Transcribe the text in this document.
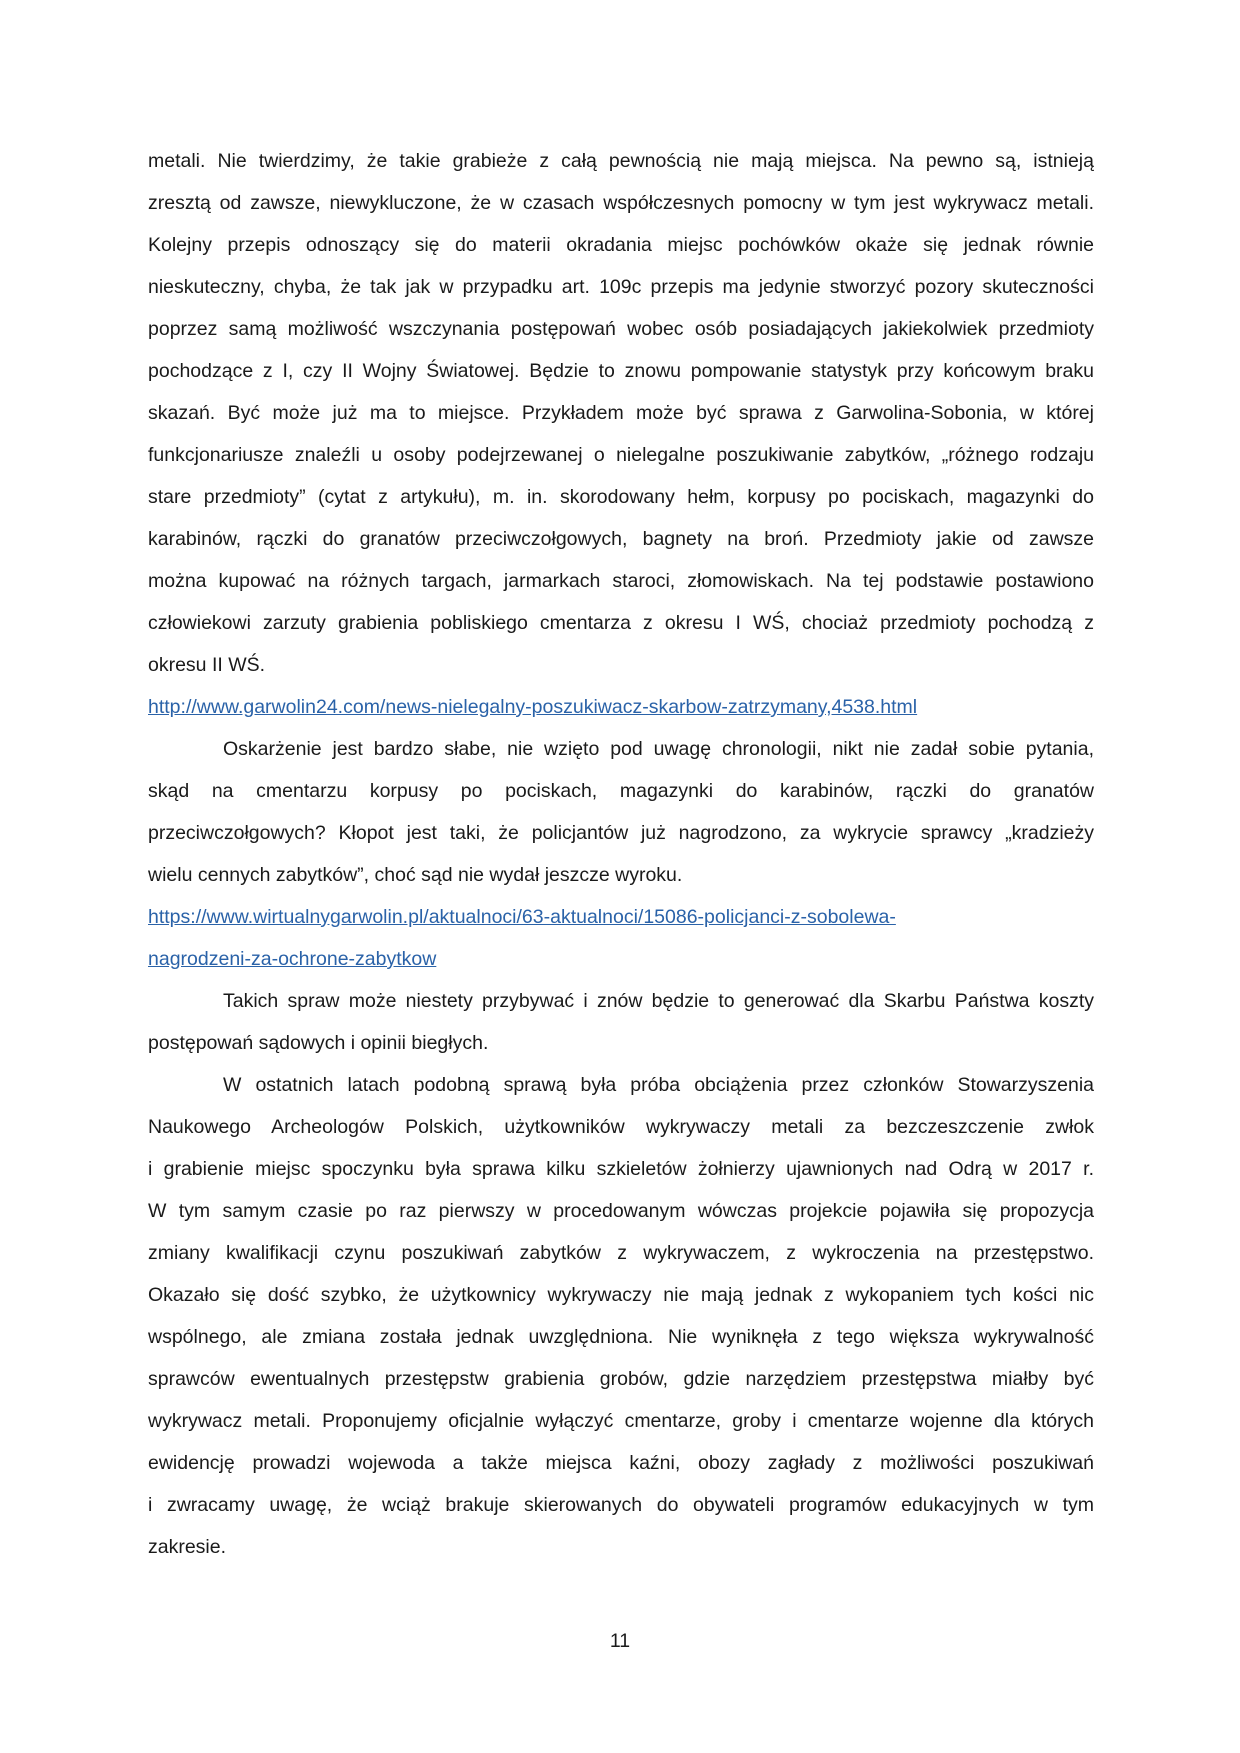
metali. Nie twierdzimy, że takie grabieże z całą pewnością nie mają miejsca. Na pewno są, istnieją
zresztą od zawsze, niewykluczone, że w czasach współczesnych pomocny w tym jest wykrywacz metali.
Kolejny przepis odnoszący się do materii okradania miejsc pochówków okaże się jednak równie
nieskuteczny, chyba, że tak jak w przypadku art. 109c przepis ma jedynie stworzyć pozory skuteczności
poprzez samą możliwość wszczynania postępowań wobec osób posiadających jakiekolwiek przedmioty
pochodzące z I, czy II Wojny Światowej. Będzie to znowu pompowanie statystyk przy końcowym braku
skazań. Być może już ma to miejsce. Przykładem może być sprawa z Garwolina-Sobonia, w której
funkcjonariusze znaleźli u osoby podejrzewanej o nielegalne poszukiwanie zabytków, „różnego rodzaju
stare przedmioty” (cytat z artykułu), m. in. skorodowany hełm, korpusy po pociskach, magazynki do
karabinów, rączki do granatów przeciwczołgowych, bagnety na broń. Przedmioty jakie od zawsze
można kupować na różnych targach, jarmarkach staroci, złomowiskach. Na tej podstawie postawiono
człowiekowi zarzuty grabienia pobliskiego cmentarza z okresu I WŚ, chociaż przedmioty pochodzą z
okresu II WŚ.
http://www.garwolin24.com/news-nielegalny-poszukiwacz-skarbow-zatrzymany,4538.html
Oskarżenie jest bardzo słabe, nie wzięto pod uwagę chronologii, nikt nie zadał sobie pytania,
skąd na cmentarzu korpusy po pociskach, magazynki do karabinów, rączki do granatów
przeciwczołgowych? Kłopot jest taki, że policjantów już nagrodzono, za wykrycie sprawcy „kradzieży
wielu cennych zabytków”, choć sąd nie wydał jeszcze wyroku.
https://www.wirtualnygarwolin.pl/aktualnoci/63-aktualnoci/15086-policjanci-z-sobolewa-
nagrodzeni-za-ochrone-zabytkow
Takich spraw może niestety przybywać i znów będzie to generować dla Skarbu Państwa koszty
postępowań sądowych i opinii biegłych.
W ostatnich latach podobną sprawą była próba obciążenia przez członków Stowarzyszenia
Naukowego Archeologów Polskich, użytkowników wykrywaczy metali za bezczeszczenie zwłok
i grabienie miejsc spoczynku była sprawa kilku szkieletów żołnierzy ujawnionych nad Odrą w 2017 r.
W tym samym czasie po raz pierwszy w procedowanym wówczas projekcie pojawiła się propozycja
zmiany kwalifikacji czynu poszukiwań zabytków z wykrywaczem, z wykroczenia na przestępstwo.
Okazało się dość szybko, że użytkownicy wykrywaczy nie mają jednak z wykopaniem tych kości nic
wspólnego, ale zmiana została jednak uwzględniona. Nie wyniknęła z tego większa wykrywalność
sprawców ewentualnych przestępstw grabienia grobów, gdzie narzędziem przestępstwa miałby być
wykrywacz metali. Proponujemy oficjalnie wyłączyć cmentarze, groby i cmentarze wojenne dla których
ewidencję prowadzi wojewoda a także miejsca kaźni, obozy zagłady z możliwości poszukiwań
i zwracamy uwagę, że wciąż brakuje skierowanych do obywateli programów edukacyjnych w tym
zakresie.
11
